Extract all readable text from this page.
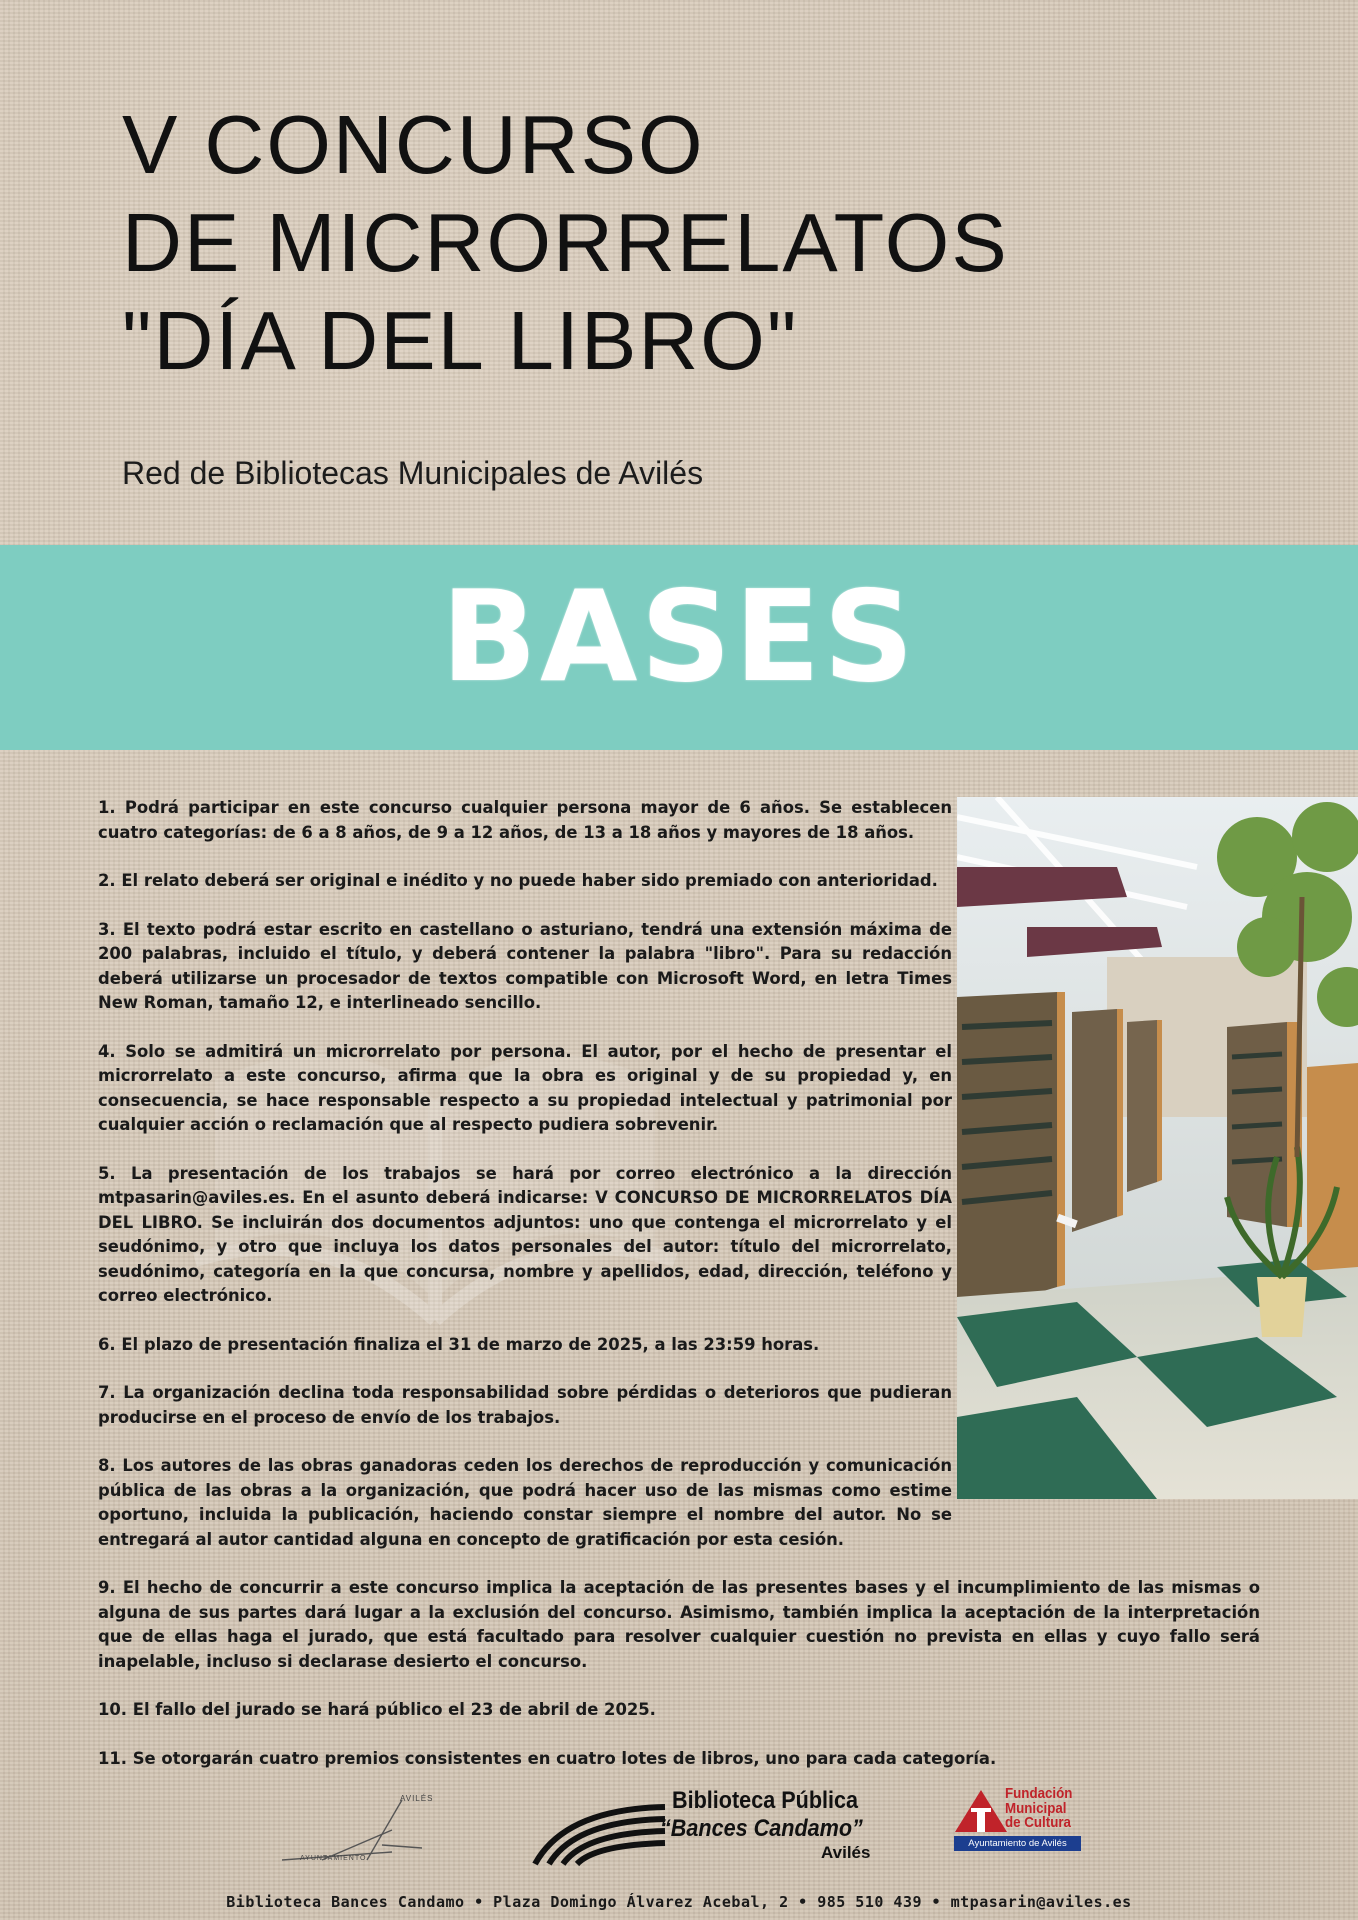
V CONCURSO
DE MICRORRELATOS
"DÍA DEL LIBRO"
Red de Bibliotecas Municipales de Avilés
BASES

1. Podrá participar en este concurso cualquier persona mayor de 6 años. Se establecen cuatro categorías: de 6 a 8 años, de 9 a 12 años, de 13 a 18 años y mayores de 18 años.

2. El relato deberá ser original e inédito y no puede haber sido premiado con anterioridad.

3. El texto podrá estar escrito en castellano o asturiano, tendrá una extensión máxima de 200 palabras, incluido el título, y deberá contener la palabra "libro". Para su redacción deberá utilizarse un procesador de textos compatible con Microsoft Word, en letra Times New Roman, tamaño 12, e interlineado sencillo.

4. Solo se admitirá un microrrelato por persona. El autor, por el hecho de presentar el microrrelato a este concurso, afirma que la obra es original y de su propiedad y, en consecuencia, se hace responsable respecto a su propiedad intelectual y patrimonial por cualquier acción o reclamación que al respecto pudiera sobrevenir.

5. La presentación de los trabajos se hará por correo electrónico a la dirección mtpasarin@aviles.es. En el asunto deberá indicarse: V CONCURSO DE MICRORRELATOS DÍA DEL LIBRO. Se incluirán dos documentos adjuntos: uno que contenga el microrrelato y el seudónimo, y otro que incluya los datos personales del autor: título del microrrelato, seudónimo, categoría en la que concursa, nombre y apellidos, edad, dirección, teléfono y correo electrónico.

6. El plazo de presentación finaliza el 31 de marzo de 2025, a las 23:59 horas.

7. La organización declina toda responsabilidad sobre pérdidas o deterioros que pudieran producirse en el proceso de envío de los trabajos.

8. Los autores de las obras ganadoras ceden los derechos de reproducción y comunicación pública de las obras a la organización, que podrá hacer uso de las mismas como estime oportuno, incluida la publicación, haciendo constar siempre el nombre del autor. No se entregará al autor cantidad alguna en concepto de gratificación por esta cesión.

9. El hecho de concurrir a este concurso implica la aceptación de las presentes bases y el incumplimiento de las mismas o alguna de sus partes dará lugar a la exclusión del concurso. Asimismo, también implica la aceptación de la interpretación que de ellas haga el jurado, que está facultado para resolver cualquier cuestión no prevista en ellas y cuyo fallo será inapelable, incluso si declarase desierto el concurso.

10. El fallo del jurado se hará público el 23 de abril de 2025.

11. Se otorgarán cuatro premios consistentes en cuatro lotes de libros, uno para cada categoría.

AVILÉS
AYUNTAMIENTO
Biblioteca Pública
“Bances Candamo”
Avilés
Fundación
Municipal
de Cultura
Ayuntamiento de Avilés
Biblioteca Bances Candamo • Plaza Domingo Álvarez Acebal, 2 • 985 510 439 • mtpasarin@aviles.es
